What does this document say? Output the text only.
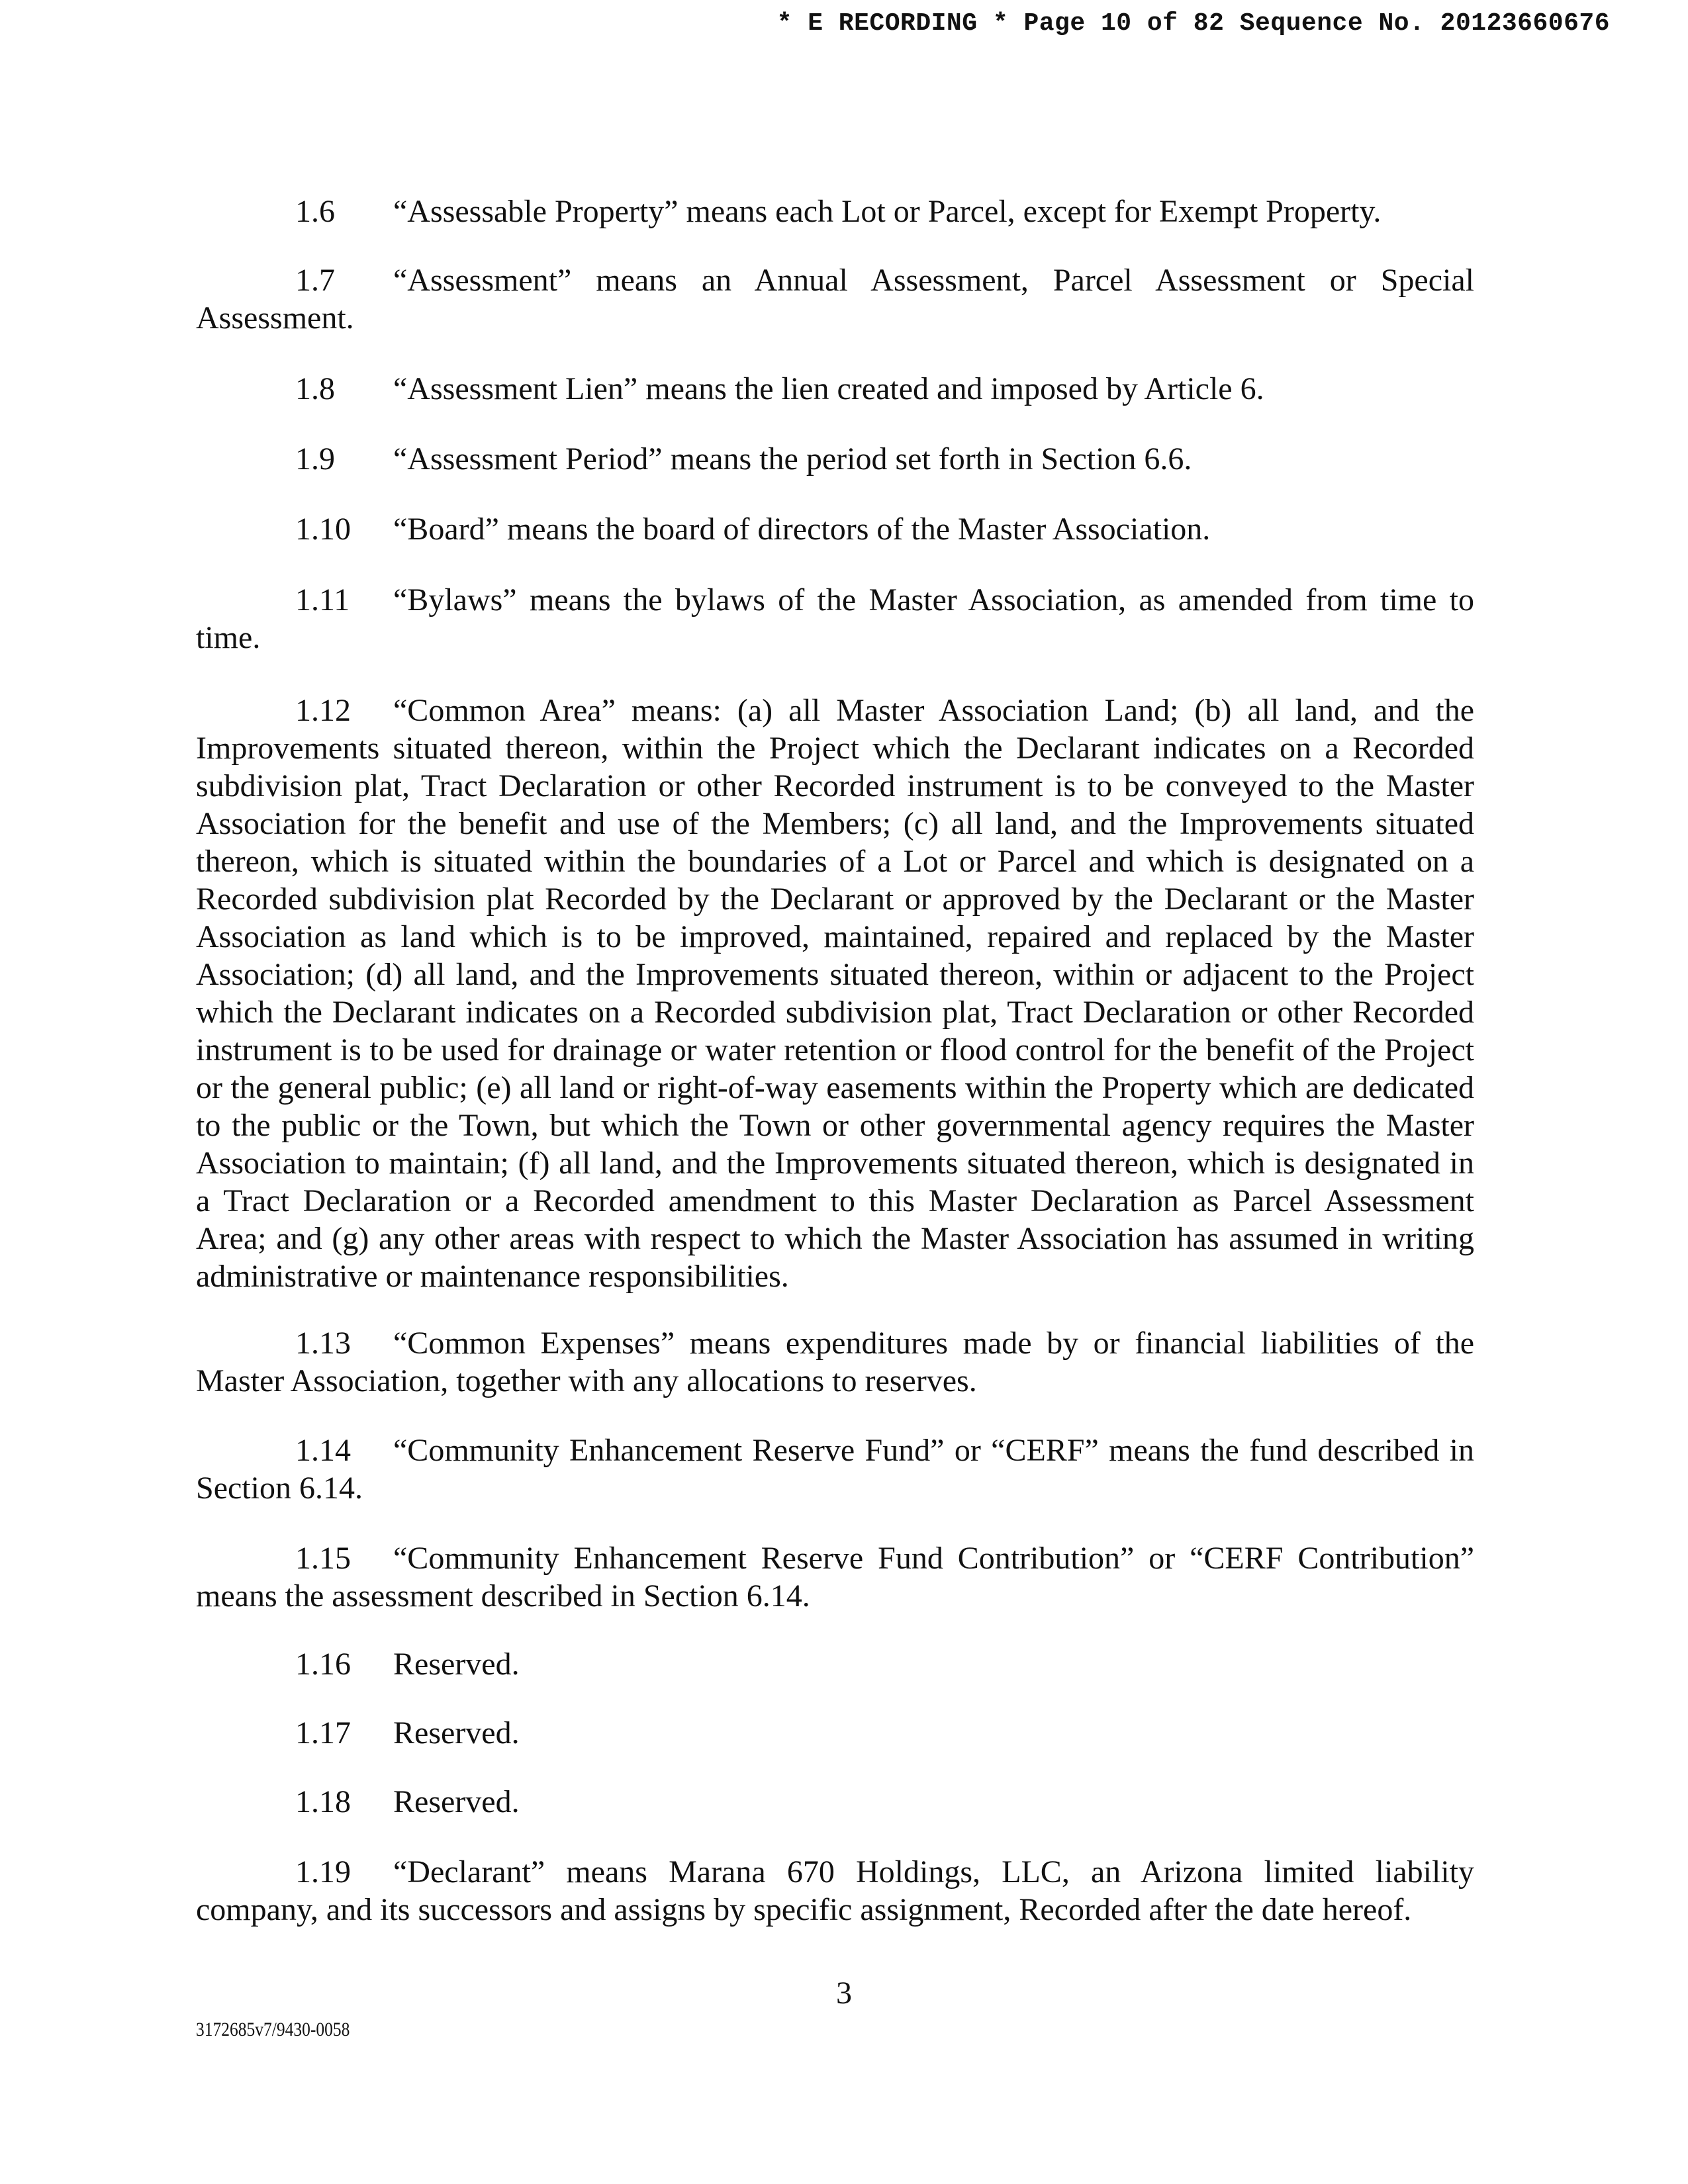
* E RECORDING * Page 10 of 82 Sequence No. 20123660676
1.6 “Assessable Property” means each Lot or Parcel, except for Exempt Property.
1.7 “Assessment” means an Annual Assessment, Parcel Assessment or Special Assessment.
1.8 “Assessment Lien” means the lien created and imposed by Article 6.
1.9 “Assessment Period” means the period set forth in Section 6.6.
1.10 “Board” means the board of directors of the Master Association.
1.11 “Bylaws” means the bylaws of the Master Association, as amended from time to time.
1.12 “Common Area” means: (a) all Master Association Land; (b) all land, and the Improvements situated thereon, within the Project which the Declarant indicates on a Recorded subdivision plat, Tract Declaration or other Recorded instrument is to be conveyed to the Master Association for the benefit and use of the Members; (c) all land, and the Improvements situated thereon, which is situated within the boundaries of a Lot or Parcel and which is designated on a Recorded subdivision plat Recorded by the Declarant or approved by the Declarant or the Master Association as land which is to be improved, maintained, repaired and replaced by the Master Association; (d) all land, and the Improvements situated thereon, within or adjacent to the Project which the Declarant indicates on a Recorded subdivision plat, Tract Declaration or other Recorded instrument is to be used for drainage or water retention or flood control for the benefit of the Project or the general public; (e) all land or right-of-way easements within the Property which are dedicated to the public or the Town, but which the Town or other governmental agency requires the Master Association to maintain; (f) all land, and the Improvements situated thereon, which is designated in a Tract Declaration or a Recorded amendment to this Master Declaration as Parcel Assessment Area; and (g) any other areas with respect to which the Master Association has assumed in writing administrative or maintenance responsibilities.
1.13 “Common Expenses” means expenditures made by or financial liabilities of the Master Association, together with any allocations to reserves.
1.14 “Community Enhancement Reserve Fund” or “CERF” means the fund described in Section 6.14.
1.15 “Community Enhancement Reserve Fund Contribution” or “CERF Contribution” means the assessment described in Section 6.14.
1.16 Reserved.
1.17 Reserved.
1.18 Reserved.
1.19 “Declarant” means Marana 670 Holdings, LLC, an Arizona limited liability company, and its successors and assigns by specific assignment, Recorded after the date hereof.
3
3172685v7/9430-0058
